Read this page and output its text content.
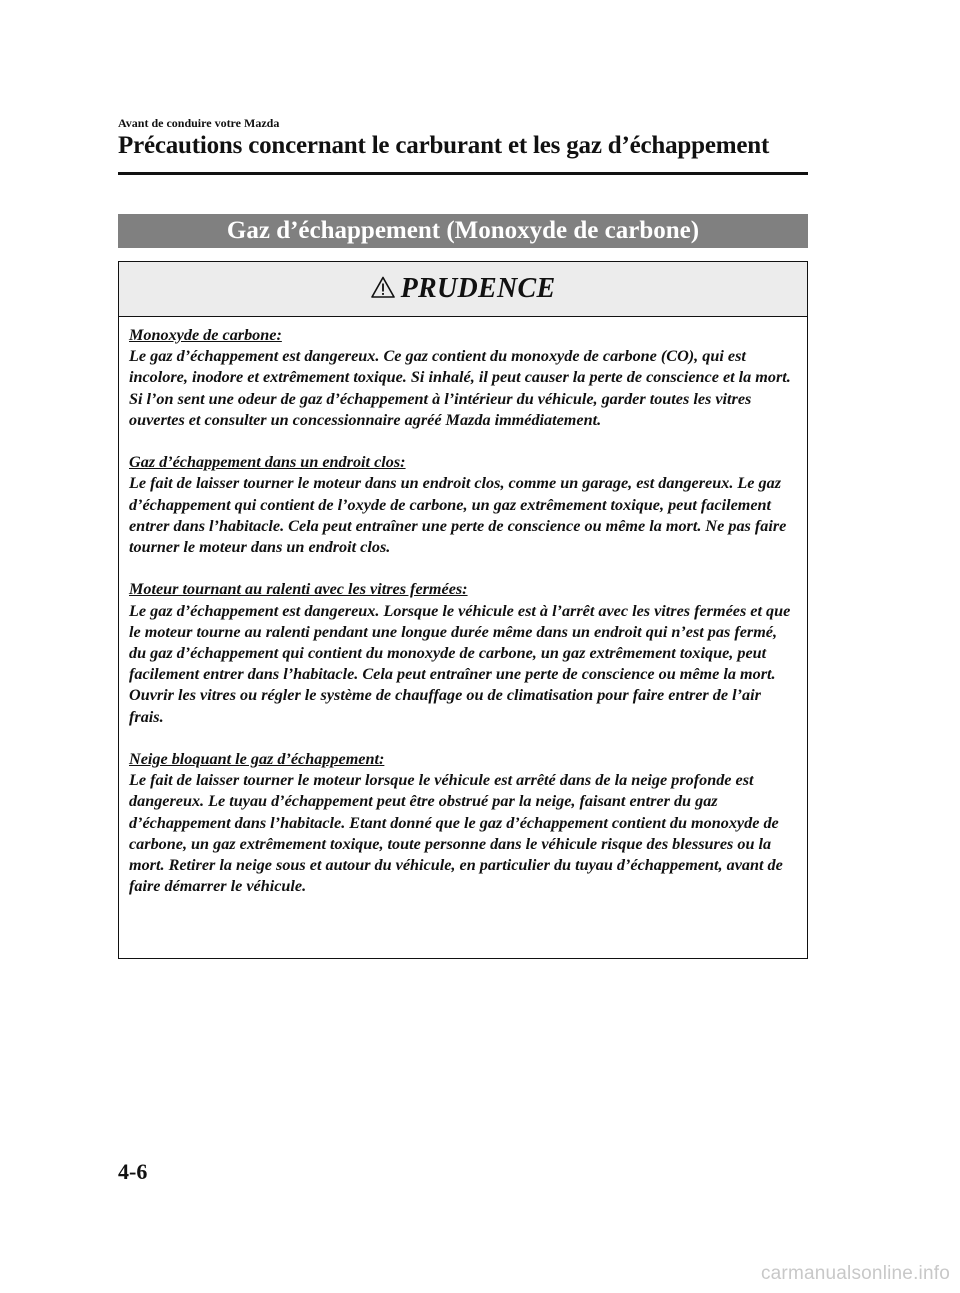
Avant de conduire votre Mazda
Précautions concernant le carburant et les gaz d’échappement
Gaz d’échappement (Monoxyde de carbone)
PRUDENCE
Monoxyde de carbone:
Le gaz d’échappement est dangereux. Ce gaz contient du monoxyde de carbone (CO), qui est incolore, inodore et extrêmement toxique. Si inhalé, il peut causer la perte de conscience et la mort. Si l’on sent une odeur de gaz d’échappement à l’intérieur du véhicule, garder toutes les vitres ouvertes et consulter un concessionnaire agréé Mazda immédiatement.
Gaz d’échappement dans un endroit clos:
Le fait de laisser tourner le moteur dans un endroit clos, comme un garage, est dangereux. Le gaz d’échappement qui contient de l’oxyde de carbone, un gaz extrêmement toxique, peut facilement entrer dans l’habitacle. Cela peut entraîner une perte de conscience ou même la mort. Ne pas faire tourner le moteur dans un endroit clos.
Moteur tournant au ralenti avec les vitres fermées:
Le gaz d’échappement est dangereux. Lorsque le véhicule est à l’arrêt avec les vitres fermées et que le moteur tourne au ralenti pendant une longue durée même dans un endroit qui n’est pas fermé, du gaz d’échappement qui contient du monoxyde de carbone, un gaz extrêmement toxique, peut facilement entrer dans l’habitacle. Cela peut entraîner une perte de conscience ou même la mort. Ouvrir les vitres ou régler le système de chauffage ou de climatisation pour faire entrer de l’air frais.
Neige bloquant le gaz d’échappement:
Le fait de laisser tourner le moteur lorsque le véhicule est arrêté dans de la neige profonde est dangereux. Le tuyau d’échappement peut être obstrué par la neige, faisant entrer du gaz d’échappement dans l’habitacle. Etant donné que le gaz d’échappement contient du monoxyde de carbone, un gaz extrêmement toxique, toute personne dans le véhicule risque des blessures ou la mort. Retirer la neige sous et autour du véhicule, en particulier du tuyau d’échappement, avant de faire démarrer le véhicule.
4-6
carmanualsonline.info
